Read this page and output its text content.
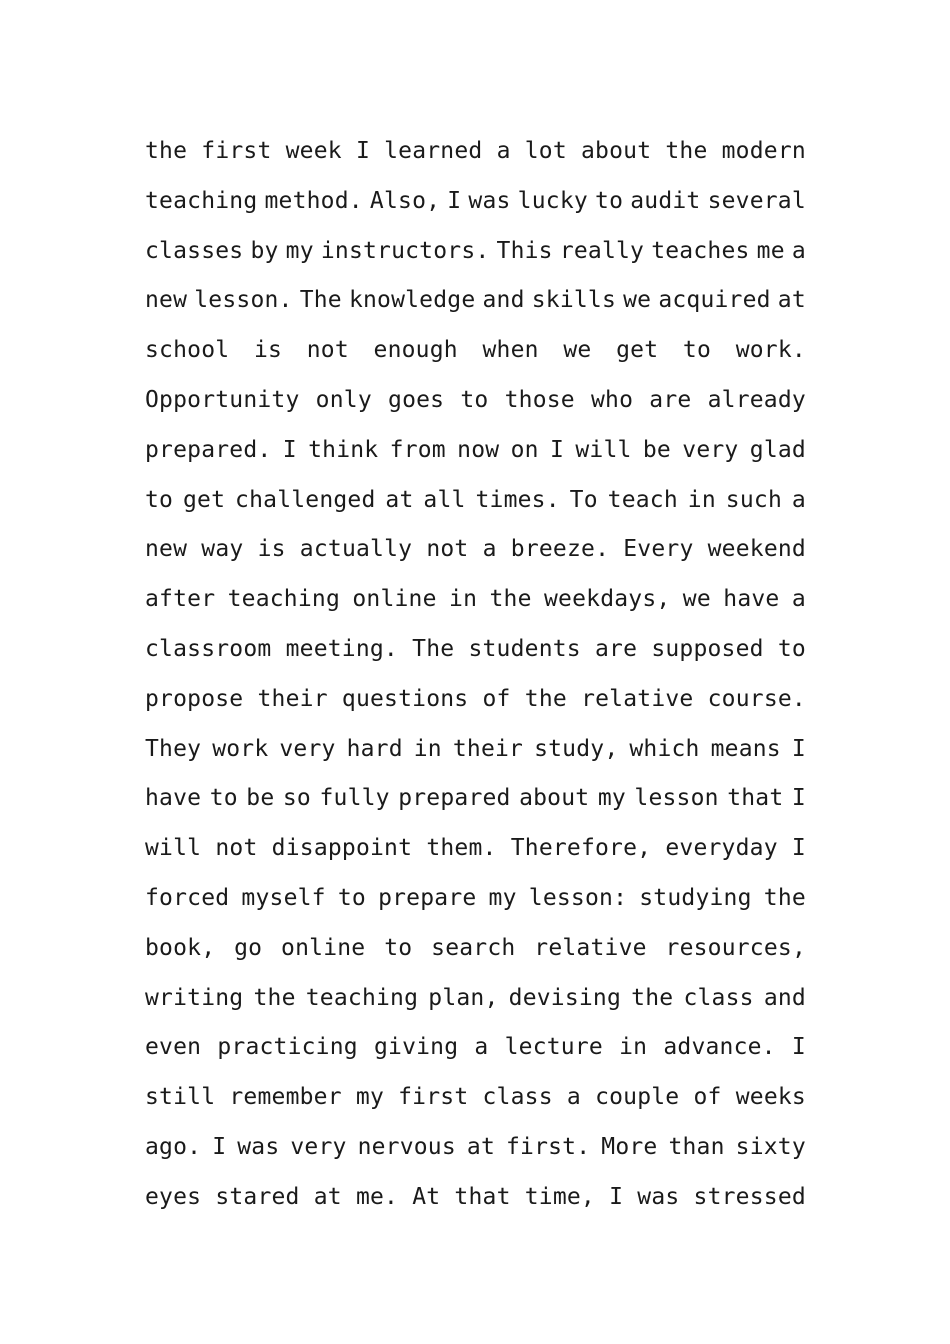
the first week I learned a lot about the modern
teaching method. Also, I was lucky to audit several
classes by my instructors. This really teaches me a
new lesson. The knowledge and skills we acquired at
school is not enough when we get to work.
Opportunity only goes to those who are already
prepared. I think from now on I will be very glad
to get challenged at all times. To teach in such a
new way is actually not a breeze. Every weekend
after teaching online in the weekdays, we have a
classroom meeting. The students are supposed to
propose their questions of the relative course.
They work very hard in their study, which means I
have to be so fully prepared about my lesson that I
will not disappoint them. Therefore, everyday I
forced myself to prepare my lesson: studying the
book, go online to search relative resources,
writing the teaching plan, devising the class and
even practicing giving a lecture in advance. I
still remember my first class a couple of weeks
ago. I was very nervous at first. More than sixty
eyes stared at me. At that time, I was stressed
